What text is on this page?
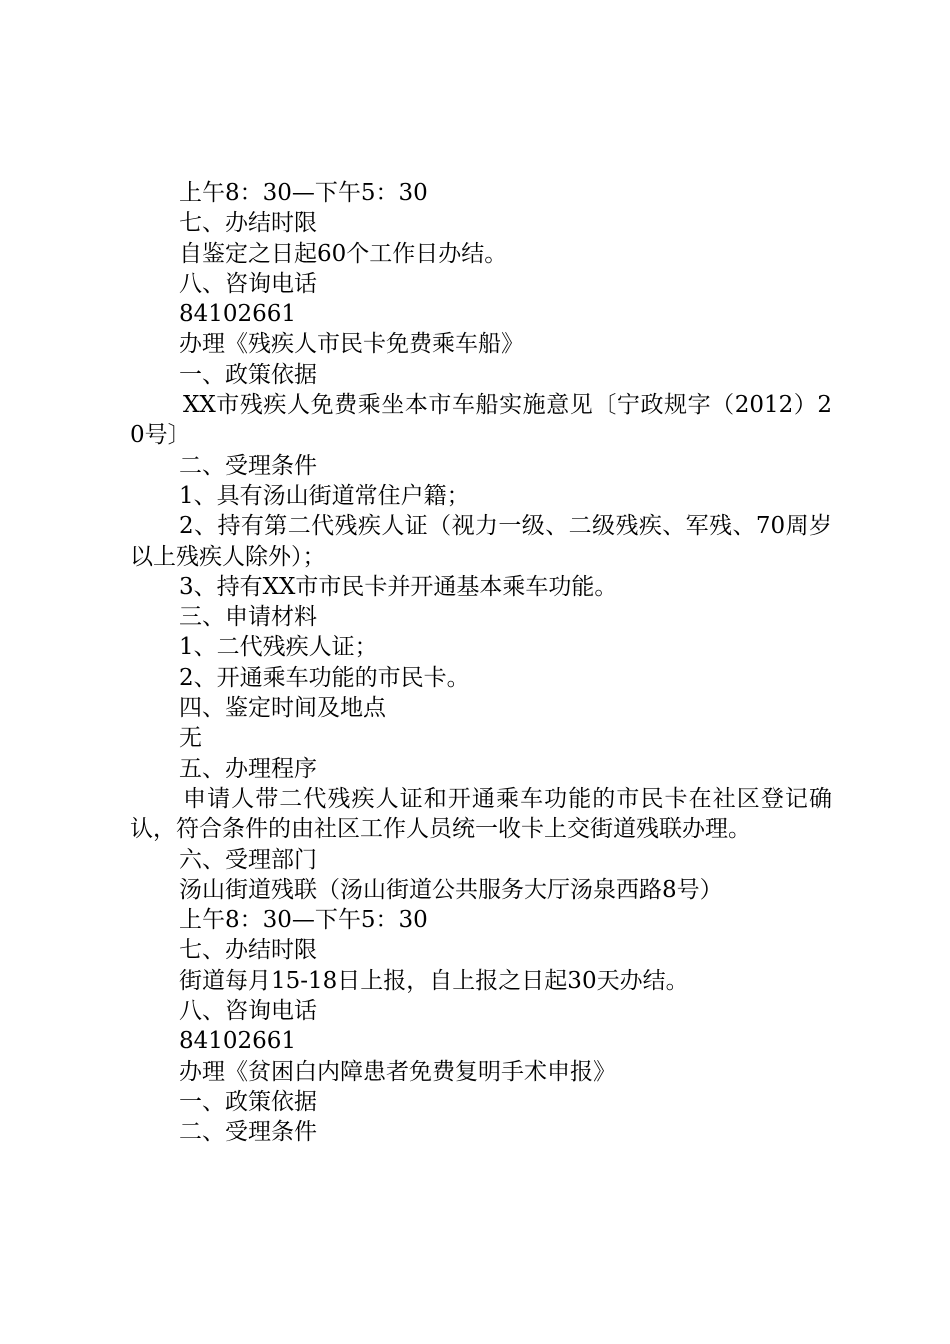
上午8：30—下午5：30

七、办结时限

自鉴定之日起60个工作日办结。

八、咨询电话

84102661

办理《残疾人市民卡免费乘车船》

一、政策依据

XX市残疾人免费乘坐本市车船实施意见〔宁政规字（2012）20号〕

二、受理条件

1、具有汤山街道常住户籍；

2、持有第二代残疾人证（视力一级、二级残疾、军残、70周岁以上残疾人除外）；

3、持有XX市市民卡并开通基本乘车功能。

三、申请材料

1、二代残疾人证；

2、开通乘车功能的市民卡。

四、鉴定时间及地点

无

五、办理程序

申请人带二代残疾人证和开通乘车功能的市民卡在社区登记确认，符合条件的由社区工作人员统一收卡上交街道残联办理。

六、受理部门

汤山街道残联（汤山街道公共服务大厅汤泉西路8号）

上午8：30—下午5：30

七、办结时限

街道每月15-18日上报，自上报之日起30天办结。

八、咨询电话

84102661

办理《贫困白内障患者免费复明手术申报》

一、政策依据

二、受理条件
